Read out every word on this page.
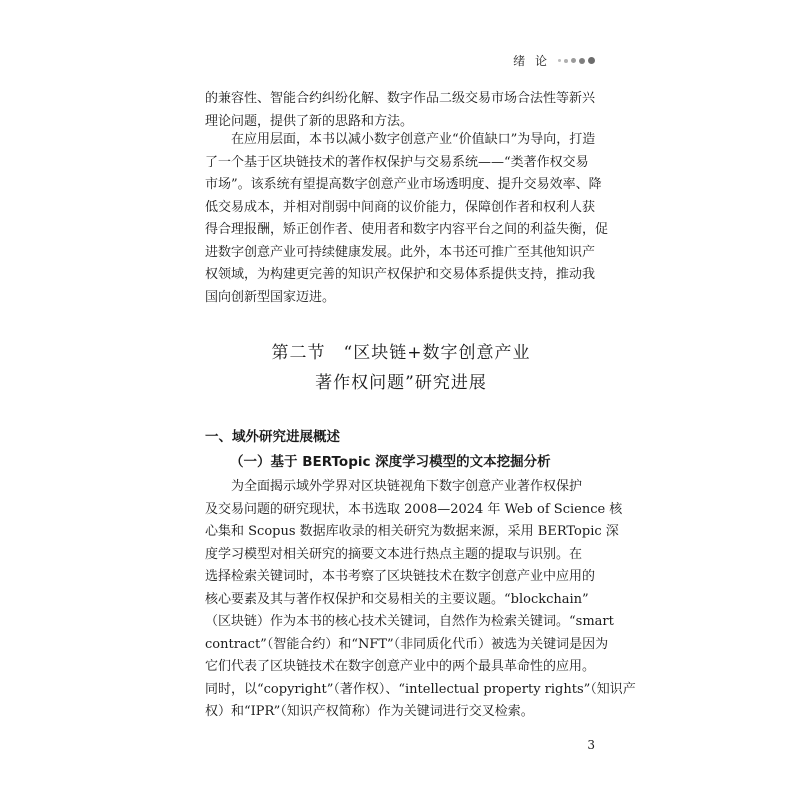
绪 论
的兼容性、智能合约纠纷化解、数字作品二级交易市场合法性等新兴
理论问题，提供了新的思路和方法。
　　在应用层面，本书以减小数字创意产业“价值缺口”为导向，打造
了一个基于区块链技术的著作权保护与交易系统——“类著作权交易
市场”。该系统有望提高数字创意产业市场透明度、提升交易效率、降
低交易成本，并相对削弱中间商的议价能力，保障创作者和权利人获
得合理报酬，矫正创作者、使用者和数字内容平台之间的利益失衡，促
进数字创意产业可持续健康发展。此外，本书还可推广至其他知识产
权领域，为构建更完善的知识产权保护和交易体系提供支持，推动我
国向创新型国家迈进。
第二节　“区块链+数字创意产业
著作权问题”研究进展
一、域外研究进展概述
（一）基于 BERTopic 深度学习模型的文本挖掘分析
　　为全面揭示域外学界对区块链视角下数字创意产业著作权保护
及交易问题的研究现状，本书选取 2008—2024 年 Web of Science 核
心集和 Scopus 数据库收录的相关研究为数据来源，采用 BERTopic 深
度学习模型对相关研究的摘要文本进行热点主题的提取与识别。在
选择检索关键词时，本书考察了区块链技术在数字创意产业中应用的
核心要素及其与著作权保护和交易相关的主要议题。“blockchain”
（区块链）作为本书的核心技术关键词，自然作为检索关键词。“smart
contract”（智能合约）和“NFT”（非同质化代币）被选为关键词是因为
它们代表了区块链技术在数字创意产业中的两个最具革命性的应用。
同时，以“copyright”（著作权）、“intellectual property rights”（知识产
权）和“IPR”（知识产权简称）作为关键词进行交叉检索。
3
